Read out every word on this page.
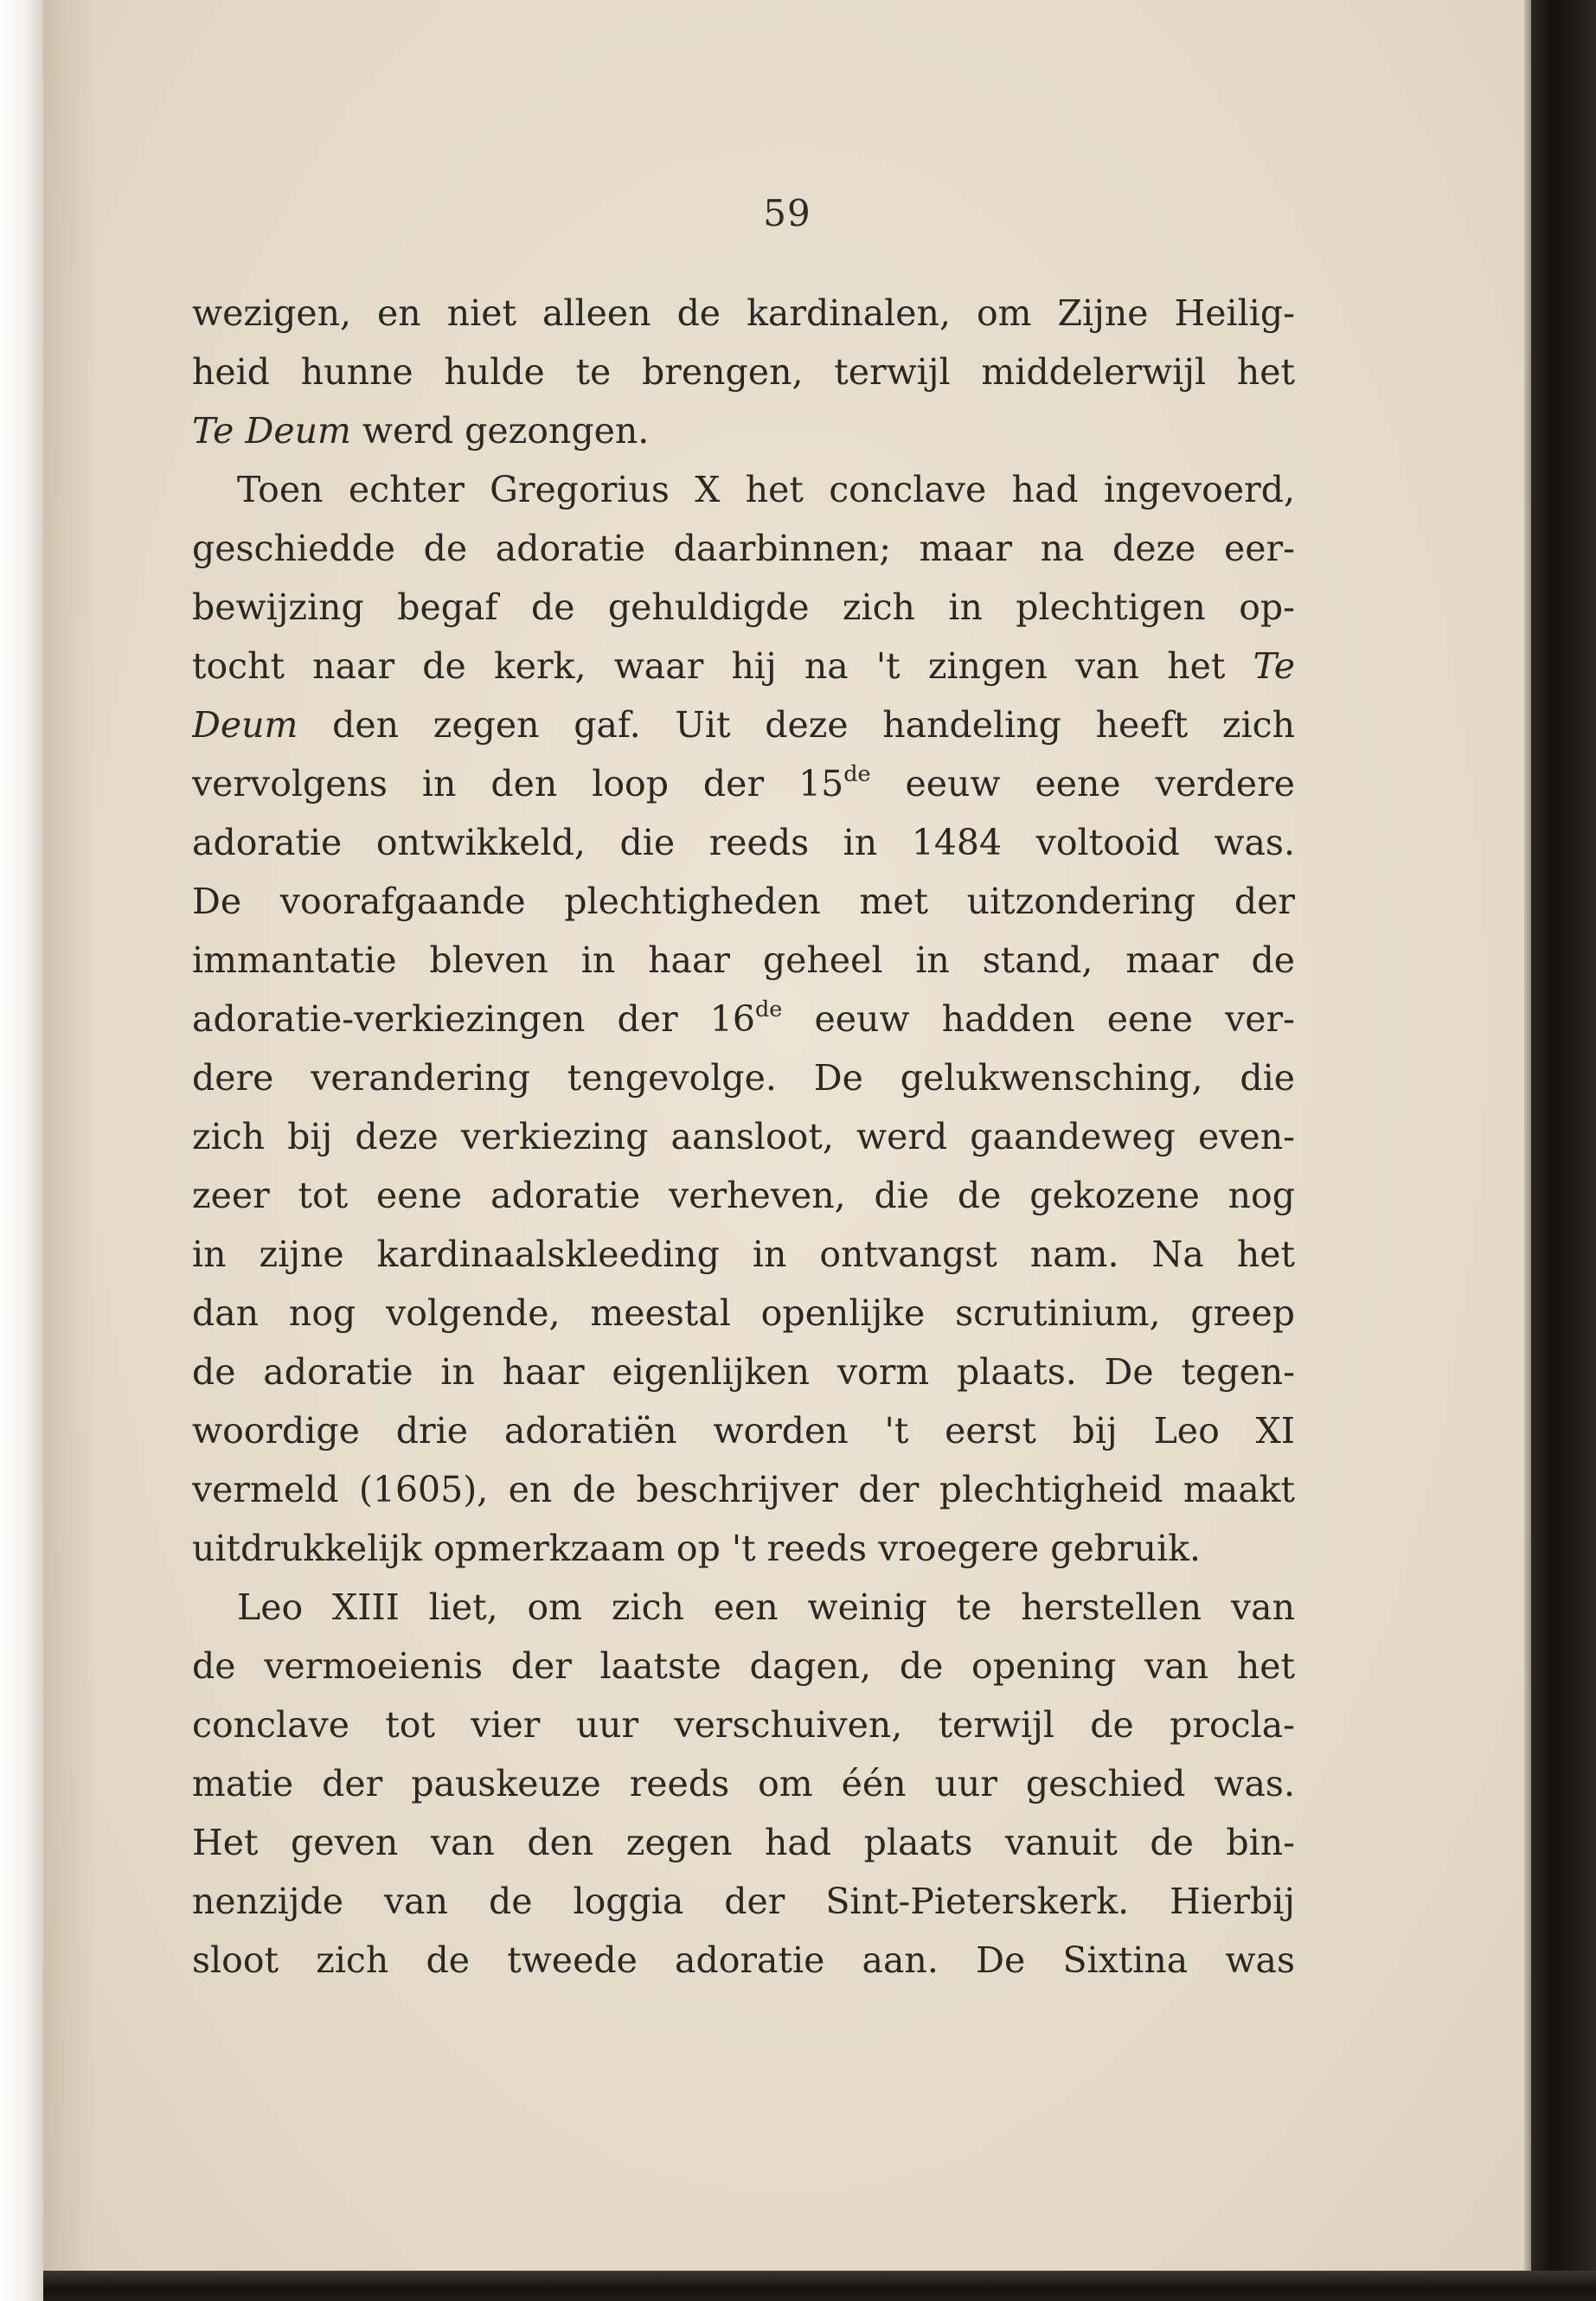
59
wezigen, en niet alleen de kardinalen, om Zijne Heilig-
heid hunne hulde te brengen, terwijl middelerwijl het
Te Deum werd gezongen.
Toen echter Gregorius X het conclave had ingevoerd,
geschiedde de adoratie daarbinnen; maar na deze eer-
bewijzing begaf de gehuldigde zich in plechtigen op-
tocht naar de kerk, waar hij na 't zingen van het Te
Deum den zegen gaf. Uit deze handeling heeft zich
vervolgens in den loop der 15de eeuw eene verdere
adoratie ontwikkeld, die reeds in 1484 voltooid was.
De voorafgaande plechtigheden met uitzondering der
immantatie bleven in haar geheel in stand, maar de
adoratie-verkiezingen der 16de eeuw hadden eene ver-
dere verandering tengevolge. De gelukwensching, die
zich bij deze verkiezing aansloot, werd gaandeweg even-
zeer tot eene adoratie verheven, die de gekozene nog
in zijne kardinaalskleeding in ontvangst nam. Na het
dan nog volgende, meestal openlijke scrutinium, greep
de adoratie in haar eigenlijken vorm plaats. De tegen-
woordige drie adoratiën worden 't eerst bij Leo XI
vermeld (1605), en de beschrijver der plechtigheid maakt
uitdrukkelijk opmerkzaam op 't reeds vroegere gebruik.
Leo XIII liet, om zich een weinig te herstellen van
de vermoeienis der laatste dagen, de opening van het
conclave tot vier uur verschuiven, terwijl de procla-
matie der pauskeuze reeds om één uur geschied was.
Het geven van den zegen had plaats vanuit de bin-
nenzijde van de loggia der Sint-Pieterskerk. Hierbij
sloot zich de tweede adoratie aan. De Sixtina was
